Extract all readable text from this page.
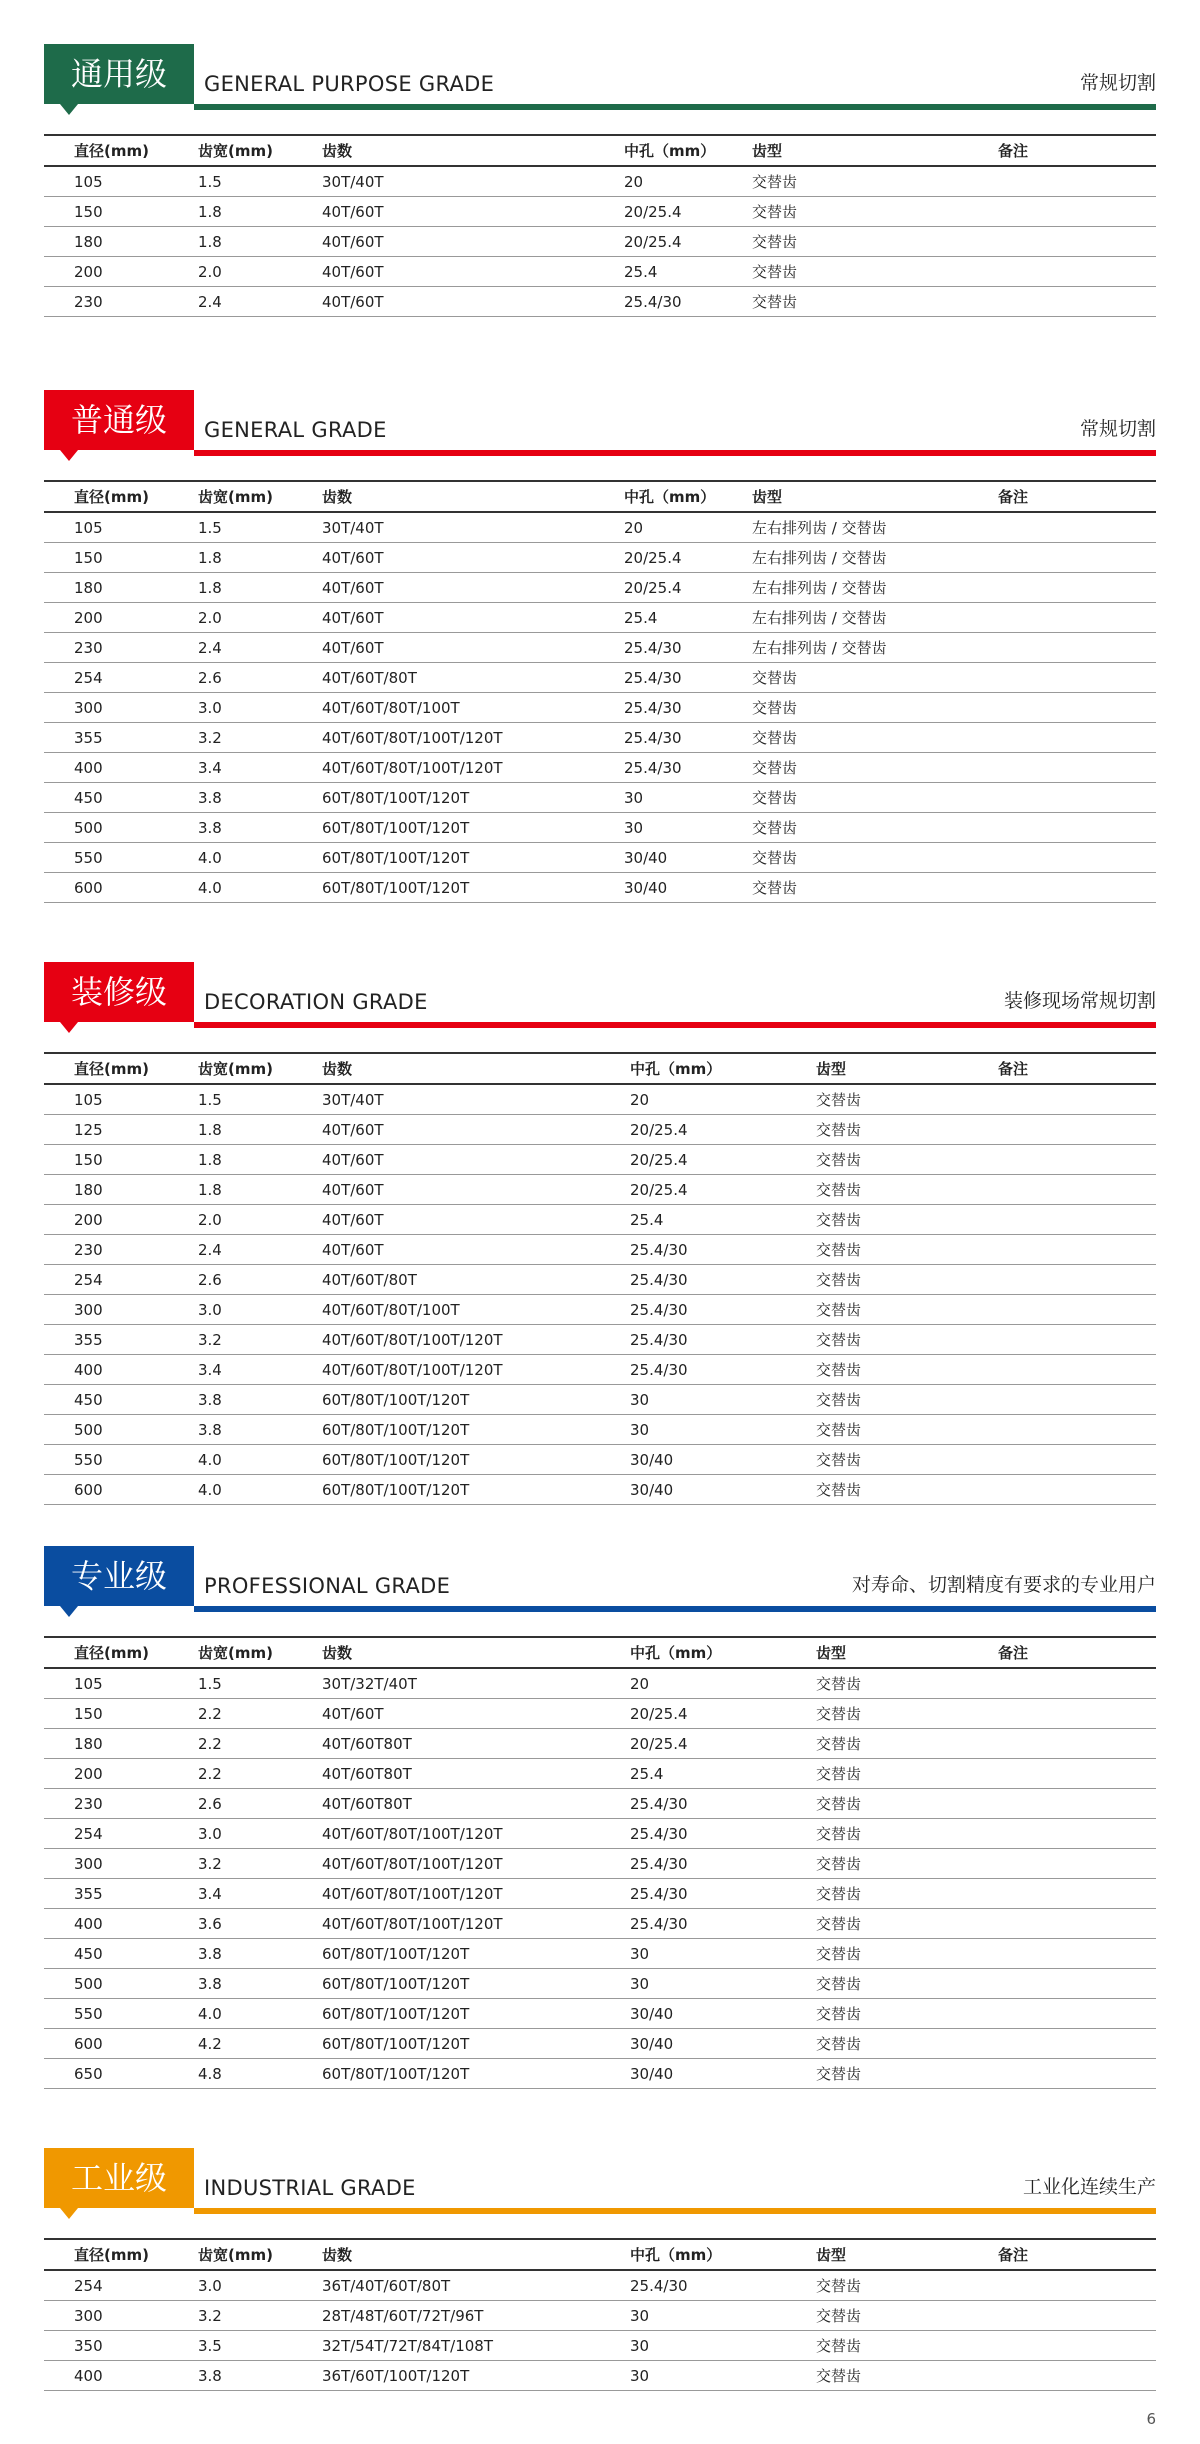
通用级	GENERAL PURPOSE GRADE	常规切割
	直径(mm)	齿宽(mm)	齿数	中孔（mm）	齿型	备注
	105	1.5	30T/40T	20	交替齿	
	150	1.8	40T/60T	20/25.4	交替齿	
	180	1.8	40T/60T	20/25.4	交替齿	
	200	2.0	40T/60T	25.4	交替齿	
	230	2.4	40T/60T	25.4/30	交替齿	
普通级	GENERAL GRADE	常规切割
	直径(mm)	齿宽(mm)	齿数	中孔（mm）	齿型	备注
	105	1.5	30T/40T	20	左右排列齿 / 交替齿	
	150	1.8	40T/60T	20/25.4	左右排列齿 / 交替齿	
	180	1.8	40T/60T	20/25.4	左右排列齿 / 交替齿	
	200	2.0	40T/60T	25.4	左右排列齿 / 交替齿	
	230	2.4	40T/60T	25.4/30	左右排列齿 / 交替齿	
	254	2.6	40T/60T/80T	25.4/30	交替齿	
	300	3.0	40T/60T/80T/100T	25.4/30	交替齿	
	355	3.2	40T/60T/80T/100T/120T	25.4/30	交替齿	
	400	3.4	40T/60T/80T/100T/120T	25.4/30	交替齿	
	450	3.8	60T/80T/100T/120T	30	交替齿	
	500	3.8	60T/80T/100T/120T	30	交替齿	
	550	4.0	60T/80T/100T/120T	30/40	交替齿	
	600	4.0	60T/80T/100T/120T	30/40	交替齿	
装修级	DECORATION GRADE	装修现场常规切割
	直径(mm)	齿宽(mm)	齿数	中孔（mm）	齿型	备注
	105	1.5	30T/40T	20	交替齿	
	125	1.8	40T/60T	20/25.4	交替齿	
	150	1.8	40T/60T	20/25.4	交替齿	
	180	1.8	40T/60T	20/25.4	交替齿	
	200	2.0	40T/60T	25.4	交替齿	
	230	2.4	40T/60T	25.4/30	交替齿	
	254	2.6	40T/60T/80T	25.4/30	交替齿	
	300	3.0	40T/60T/80T/100T	25.4/30	交替齿	
	355	3.2	40T/60T/80T/100T/120T	25.4/30	交替齿	
	400	3.4	40T/60T/80T/100T/120T	25.4/30	交替齿	
	450	3.8	60T/80T/100T/120T	30	交替齿	
	500	3.8	60T/80T/100T/120T	30	交替齿	
	550	4.0	60T/80T/100T/120T	30/40	交替齿	
	600	4.0	60T/80T/100T/120T	30/40	交替齿	
专业级	PROFESSIONAL GRADE	对寿命、切割精度有要求的专业用户
	直径(mm)	齿宽(mm)	齿数	中孔（mm）	齿型	备注
	105	1.5	30T/32T/40T	20	交替齿	
	150	2.2	40T/60T	20/25.4	交替齿	
	180	2.2	40T/60T80T	20/25.4	交替齿	
	200	2.2	40T/60T80T	25.4	交替齿	
	230	2.6	40T/60T80T	25.4/30	交替齿	
	254	3.0	40T/60T/80T/100T/120T	25.4/30	交替齿	
	300	3.2	40T/60T/80T/100T/120T	25.4/30	交替齿	
	355	3.4	40T/60T/80T/100T/120T	25.4/30	交替齿	
	400	3.6	40T/60T/80T/100T/120T	25.4/30	交替齿	
	450	3.8	60T/80T/100T/120T	30	交替齿	
	500	3.8	60T/80T/100T/120T	30	交替齿	
	550	4.0	60T/80T/100T/120T	30/40	交替齿	
	600	4.2	60T/80T/100T/120T	30/40	交替齿	
	650	4.8	60T/80T/100T/120T	30/40	交替齿	
工业级	INDUSTRIAL GRADE	工业化连续生产
	直径(mm)	齿宽(mm)	齿数	中孔（mm）	齿型	备注
	254	3.0	36T/40T/60T/80T	25.4/30	交替齿	
	300	3.2	28T/48T/60T/72T/96T	30	交替齿	
	350	3.5	32T/54T/72T/84T/108T	30	交替齿	
	400	3.8	36T/60T/100T/120T	30	交替齿	
6
